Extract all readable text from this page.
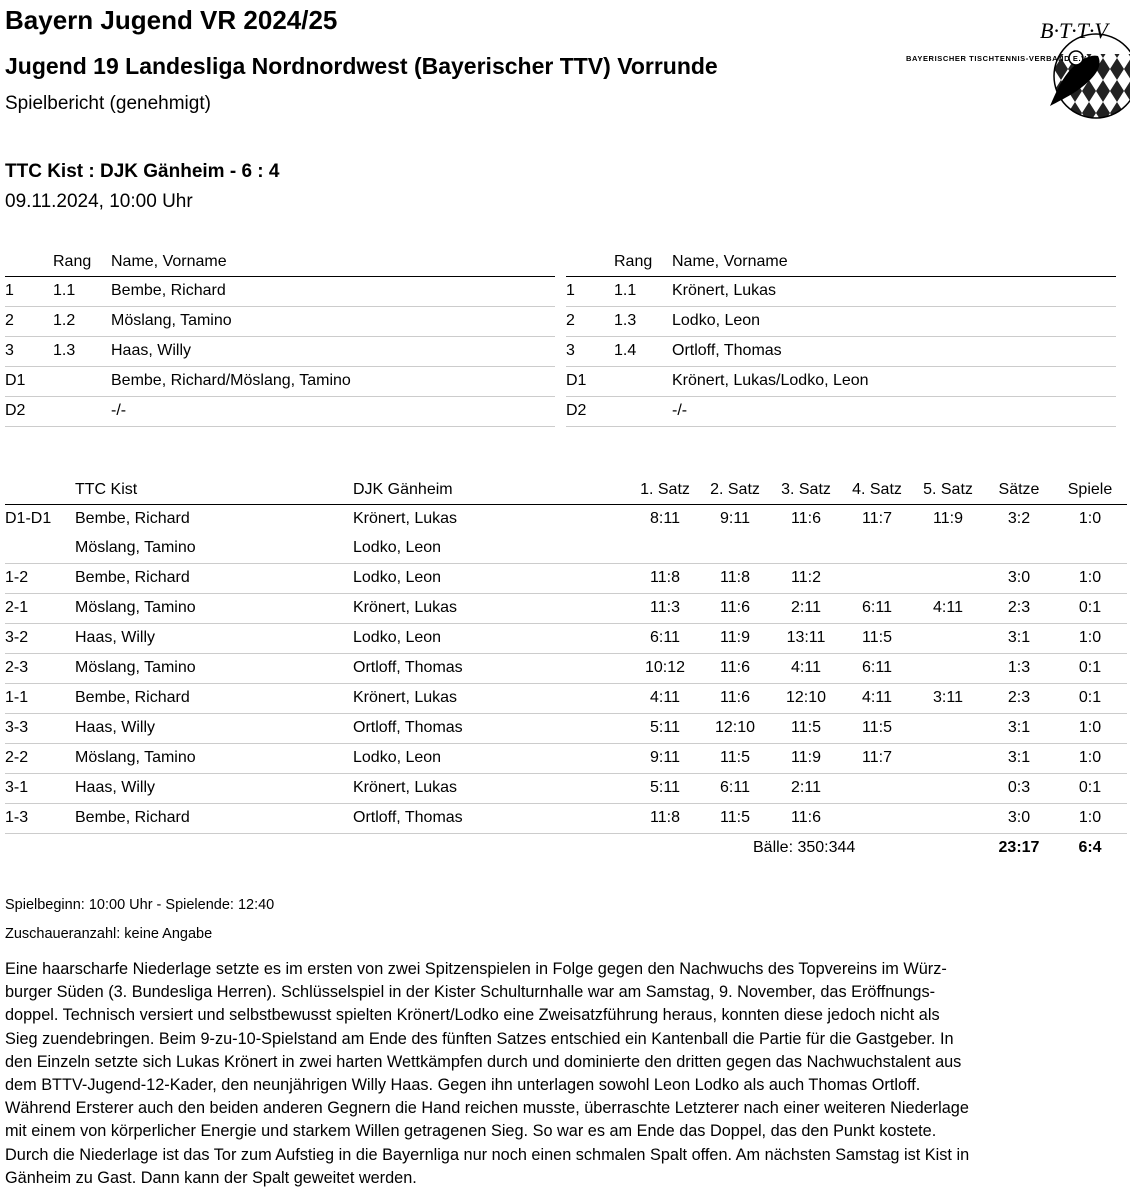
Bayern Jugend VR 2024/25
Jugend 19 Landesliga Nordnordwest (Bayerischer TTV) Vorrunde
Spielbericht (genehmigt)
TTC Kist : DJK Gänheim - 6 : 4
09.11.2024, 10:00 Uhr
B·T·T·V
BAYERISCHER TISCHTENNIS-VERBAND E.V.
Rang Name, Vorname
1 1.1 Bembe, Richard
2 1.2 Möslang, Tamino
3 1.3 Haas, Willy
D1	Bembe, Richard/Möslang, Tamino
D2	-/-
Rang Name, Vorname
1 1.1 Krönert, Lukas
2 1.3 Lodko, Leon
3 1.4 Ortloff, Thomas
D1	Krönert, Lukas/Lodko, Leon
D2	-/-
TTC Kist	DJK Gänheim	1. Satz	2. Satz	3. Satz	4. Satz	5. Satz	Sätze	Spiele
D1-D1 Bembe, Richard	Krönert, Lukas	8:11	9:11	11:6	11:7	11:9	3:2	1:0
Möslang, Tamino	Lodko, Leon
1-2	Bembe, Richard	Lodko, Leon	11:8	11:8	11:2	3:0	1:0
2-1	Möslang, Tamino	Krönert, Lukas	11:3	11:6	2:11	6:11	4:11	2:3	0:1
3-2	Haas, Willy	Lodko, Leon	6:11	11:9	13:11	11:5	3:1	1:0
2-3	Möslang, Tamino	Ortloff, Thomas	10:12	11:6	4:11	6:11	1:3	0:1
1-1	Bembe, Richard	Krönert, Lukas	4:11	11:6	12:10	4:11	3:11	2:3	0:1
3-3	Haas, Willy	Ortloff, Thomas	5:11	12:10	11:5	11:5	3:1	1:0
2-2	Möslang, Tamino	Lodko, Leon	9:11	11:5	11:9	11:7	3:1	1:0
3-1	Haas, Willy	Krönert, Lukas	5:11	6:11	2:11	0:3	0:1
1-3	Bembe, Richard	Ortloff, Thomas	11:8	11:5	11:6	3:0	1:0
Bälle: 350:344	23:17	6:4
Spielbeginn: 10:00 Uhr - Spielende: 12:40
Zuschaueranzahl: keine Angabe
Eine haarscharfe Niederlage setzte es im ersten von zwei Spitzenspielen in Folge gegen den Nachwuchs des Topvereins im Würz-
burger Süden (3. Bundesliga Herren). Schlüsselspiel in der Kister Schulturnhalle war am Samstag, 9. November, das Eröffnungs-
doppel. Technisch versiert und selbstbewusst spielten Krönert/Lodko eine Zweisatzführung heraus, konnten diese jedoch nicht als
Sieg zuendebringen. Beim 9-zu-10-Spielstand am Ende des fünften Satzes entschied ein Kantenball die Partie für die Gastgeber. In
den Einzeln setzte sich Lukas Krönert in zwei harten Wettkämpfen durch und dominierte den dritten gegen das Nachwuchstalent aus
dem BTTV-Jugend-12-Kader, den neunjährigen Willy Haas. Gegen ihn unterlagen sowohl Leon Lodko als auch Thomas Ortloff.
Während Ersterer auch den beiden anderen Gegnern die Hand reichen musste, überraschte Letzterer nach einer weiteren Niederlage
mit einem von körperlicher Energie und starkem Willen getragenen Sieg. So war es am Ende das Doppel, das den Punkt kostete.
Durch die Niederlage ist das Tor zum Aufstieg in die Bayernliga nur noch einen schmalen Spalt offen. Am nächsten Samstag ist Kist in
Gänheim zu Gast. Dann kann der Spalt geweitet werden.
